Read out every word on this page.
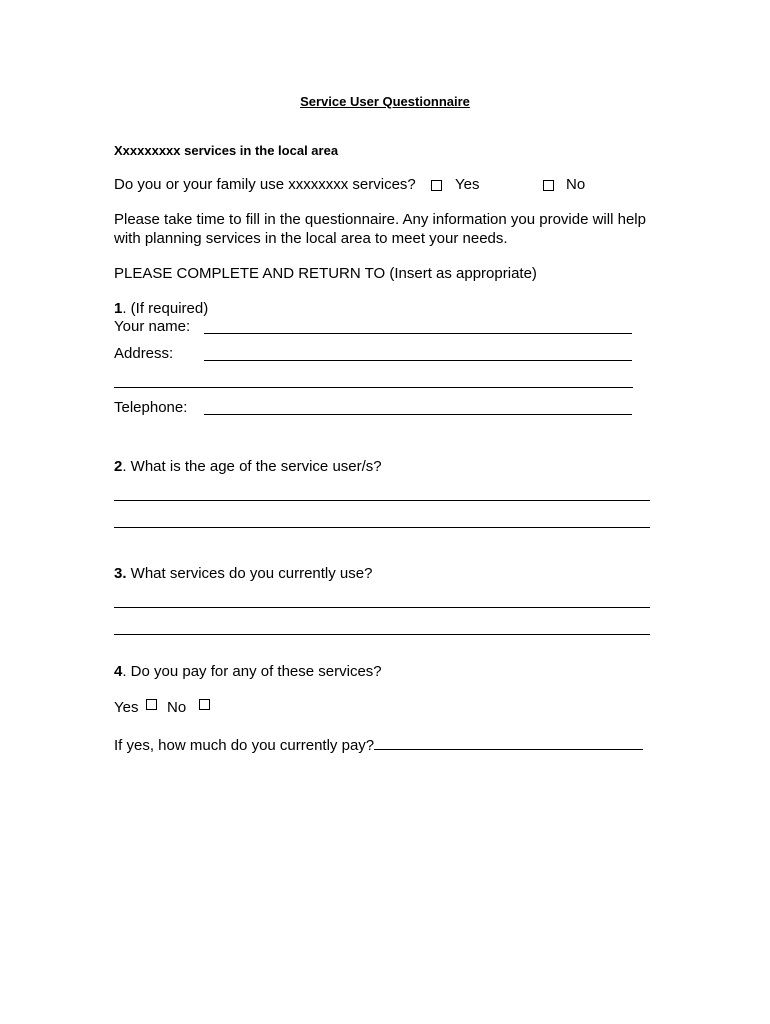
Service User Questionnaire
Xxxxxxxxx services in the local area
Do you or your family use xxxxxxxx services?	Yes	No
Please take time to fill in the questionnaire. Any information you provide will help
with planning services in the local area to meet your needs.
PLEASE COMPLETE AND RETURN TO (Insert as appropriate)
1. (If required)
Your name:
Address:
Telephone:
2. What is the age of the service user/s?
3. What services do you currently use?
4. Do you pay for any of these services?
Yes No
If yes, how much do you currently pay?
